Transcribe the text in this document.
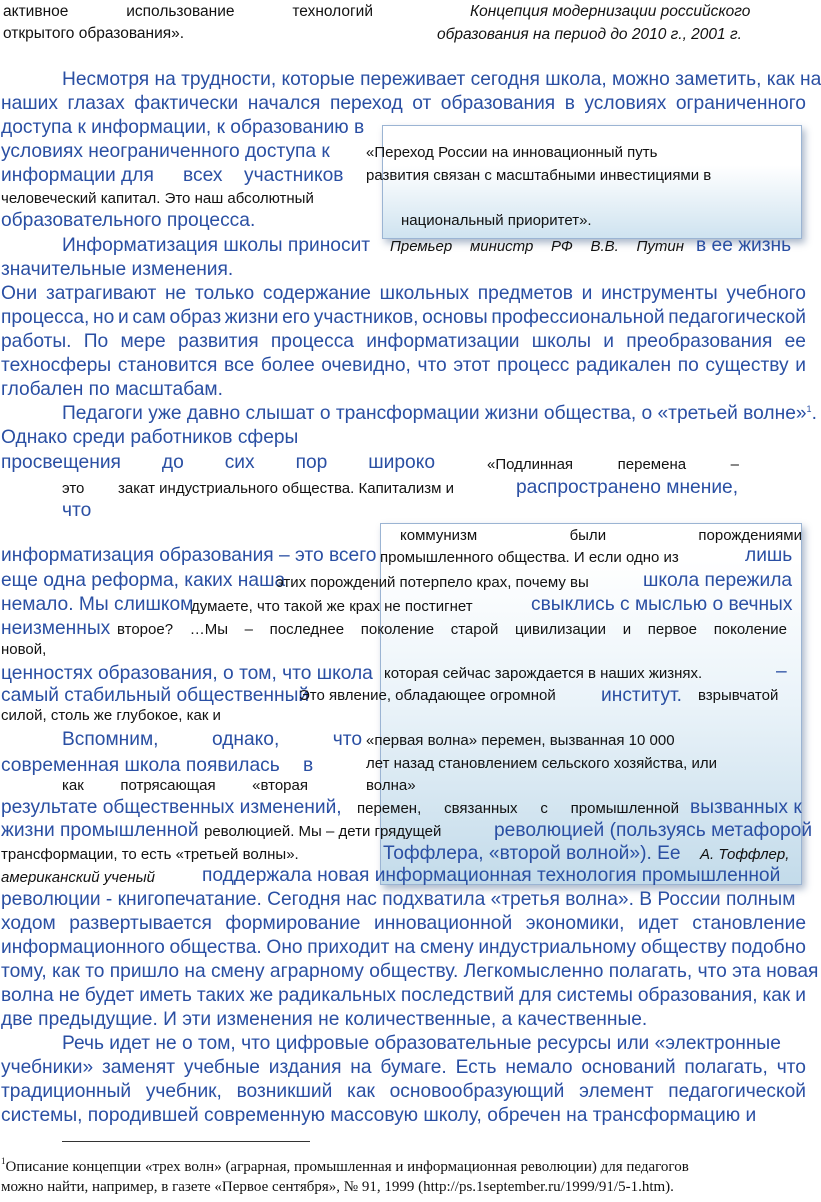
активное	использование	технологий
открытого образования».
Концепция модернизации российского
образования на период до 2010 г., 2001 г.
Несмотря на трудности, которые переживает сегодня школа, можно заметить, как на
наших глазах фактически начался переход от образования в условиях ограниченного
доступа к информации, к образованию в
условиях неограниченного доступа к
информации для всех участников
человеческий капитал. Это наш абсолютный
образовательного процесса.
«Переход России на инновационный путь
развития связан с масштабными инвестициями в
национальный приоритет».
Информатизация школы приносит Премьер министр РФ В.В. Путин в ее жизнь
значительные изменения.
Они затрагивают не только содержание школьных предметов и инструменты учебного
процесса, но и сам образ жизни его участников, основы профессиональной педагогической
работы. По мере развития процесса информатизации школы и преобразования ее
техносферы становится все более очевидно, что этот процесс радикален по существу и
глобален по масштабам.
Педагоги уже давно слышат о трансформации жизни общества, о «третьей волне»$^1$.
Однако среди работников сферы
просвещения до сих пор широко	«Подлинная	перемена	–
это закат индустриального общества. Капитализм и	распространено мнение,
что
коммунизм	были	порождениями
информатизация образования – это всего промышленного общества. И если одно из	лишь
еще одна реформа, каких наша
этих порождений потерпело крах, почему вы	школа пережила
немало. Мы слишком
думаете, что такой же крах не постигнет	свыклись с мыслью о вечных
неизменных второе? …Мы – последнее поколение старой цивилизации и первое поколение
новой,
ценностях образования, о том, что школа которая сейчас зарождается в наших жизнях.	–
самый стабильный общественный
Это явление, обладающее огромной институт. взрывчатой
силой, столь же глубокое, как и
Вспомним,	однако,	что «первая волна» перемен, вызванная 10 000
современная школа появилась в	лет назад становлением сельского хозяйства, или
как потрясающая «вторая	волна»
результате общественных изменений, перемен, связанных с промышленной вызванных к
жизни промышленной революцией. Мы – дети грядущей	революцией (пользуясь метафорой
трансформации, то есть «третьей волны».	Тоффлера, «второй волной»). Ее А. Тоффлер,
американский ученый поддержала новая информационная технология промышленной
революции - книгопечатание. Сегодня нас подхватила «третья волна». В России полным
ходом развертывается формирование инновационной экономики, идет становление
информационного общества. Оно приходит на смену индустриальному обществу подобно
тому, как то пришло на смену аграрному обществу. Легкомысленно полагать, что эта новая
волна не будет иметь таких же радикальных последствий для системы образования, как и
две предыдущие. И эти изменения не количественные, а качественные.
Речь идет не о том, что цифровые образовательные ресурсы или «электронные
учебники» заменят учебные издания на бумаге. Есть немало оснований полагать, что
традиционный учебник, возникший как основообразующий элемент педагогической
системы, породившей современную массовую школу, обречен на трансформацию и
$^1$Описание концепции «трех волн» (аграрная, промышленная и информационная революции) для педагогов
можно найти, например, в газете «Первое сентября», № 91, 1999 (http://ps.1september.ru/1999/91/5-1.htm).
